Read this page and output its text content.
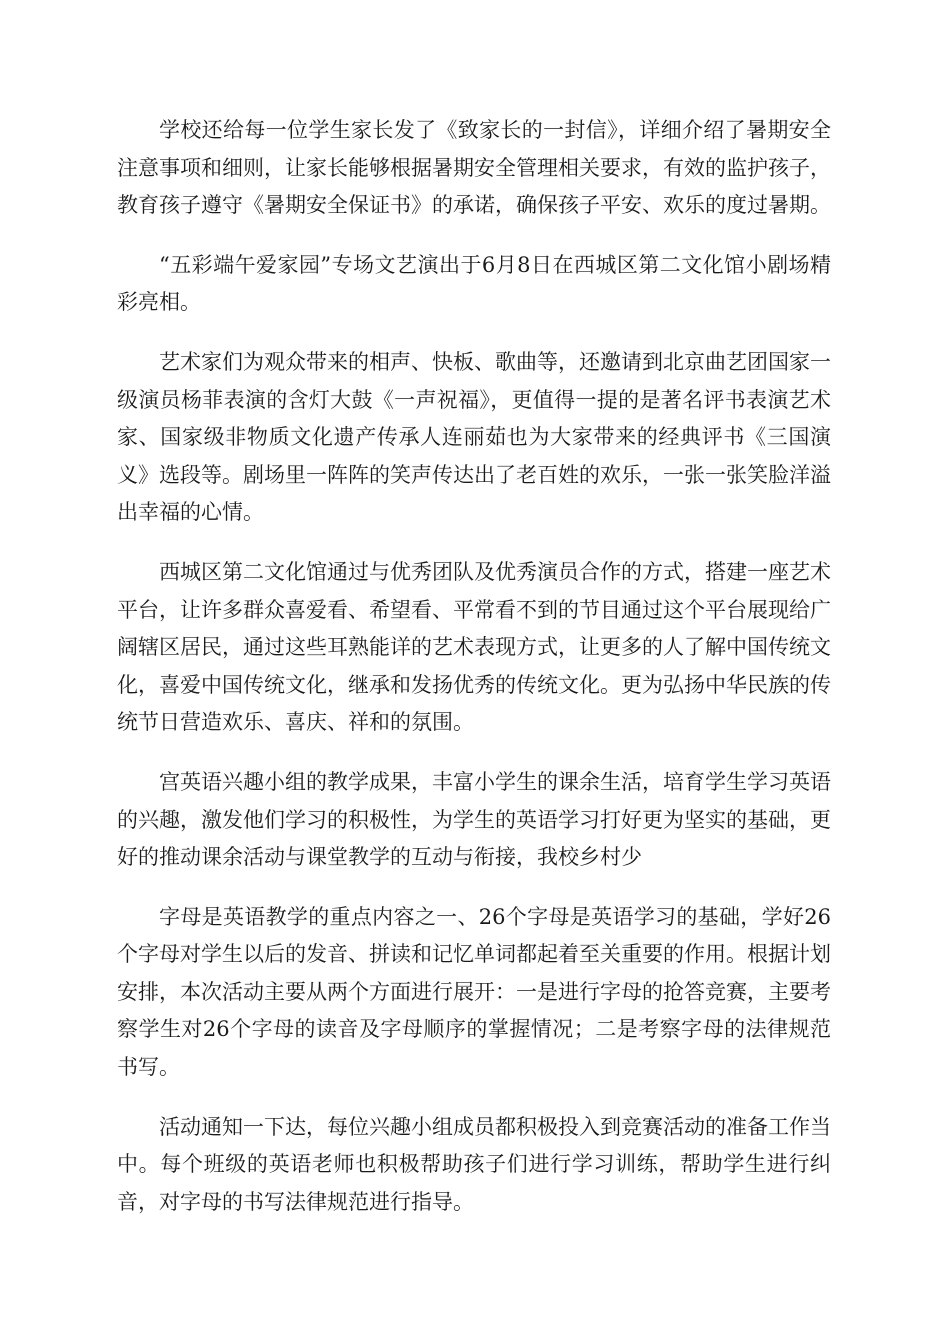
学校还给每一位学生家长发了《致家长的一封信》，详细介绍了暑期安全注意事项和细则，让家长能够根据暑期安全管理相关要求，有效的监护孩子，教育孩子遵守《暑期安全保证书》的承诺，确保孩子平安、欢乐的度过暑期。

“五彩端午爱家园”专场文艺演出于6月8日在西城区第二文化馆小剧场精彩亮相。

艺术家们为观众带来的相声、快板、歌曲等，还邀请到北京曲艺团国家一级演员杨菲表演的含灯大鼓《一声祝福》，更值得一提的是著名评书表演艺术家、国家级非物质文化遗产传承人连丽茹也为大家带来的经典评书《三国演义》选段等。剧场里一阵阵的笑声传达出了老百姓的欢乐，一张一张笑脸洋溢出幸福的心情。

西城区第二文化馆通过与优秀团队及优秀演员合作的方式，搭建一座艺术平台，让许多群众喜爱看、希望看、平常看不到的节目通过这个平台展现给广阔辖区居民，通过这些耳熟能详的艺术表现方式，让更多的人了解中国传统文化，喜爱中国传统文化，继承和发扬优秀的传统文化。更为弘扬中华民族的传统节日营造欢乐、喜庆、祥和的氛围。

宫英语兴趣小组的教学成果，丰富小学生的课余生活，培育学生学习英语的兴趣，激发他们学习的积极性，为学生的英语学习打好更为坚实的基础，更好的推动课余活动与课堂教学的互动与衔接，我校乡村少

字母是英语教学的重点内容之一、26个字母是英语学习的基础，学好26个字母对学生以后的发音、拼读和记忆单词都起着至关重要的作用。根据计划安排，本次活动主要从两个方面进行展开：一是进行字母的抢答竞赛，主要考察学生对26个字母的读音及字母顺序的掌握情况；二是考察字母的法律规范书写。

活动通知一下达，每位兴趣小组成员都积极投入到竞赛活动的准备工作当中。每个班级的英语老师也积极帮助孩子们进行学习训练，帮助学生进行纠音，对字母的书写法律规范进行指导。
